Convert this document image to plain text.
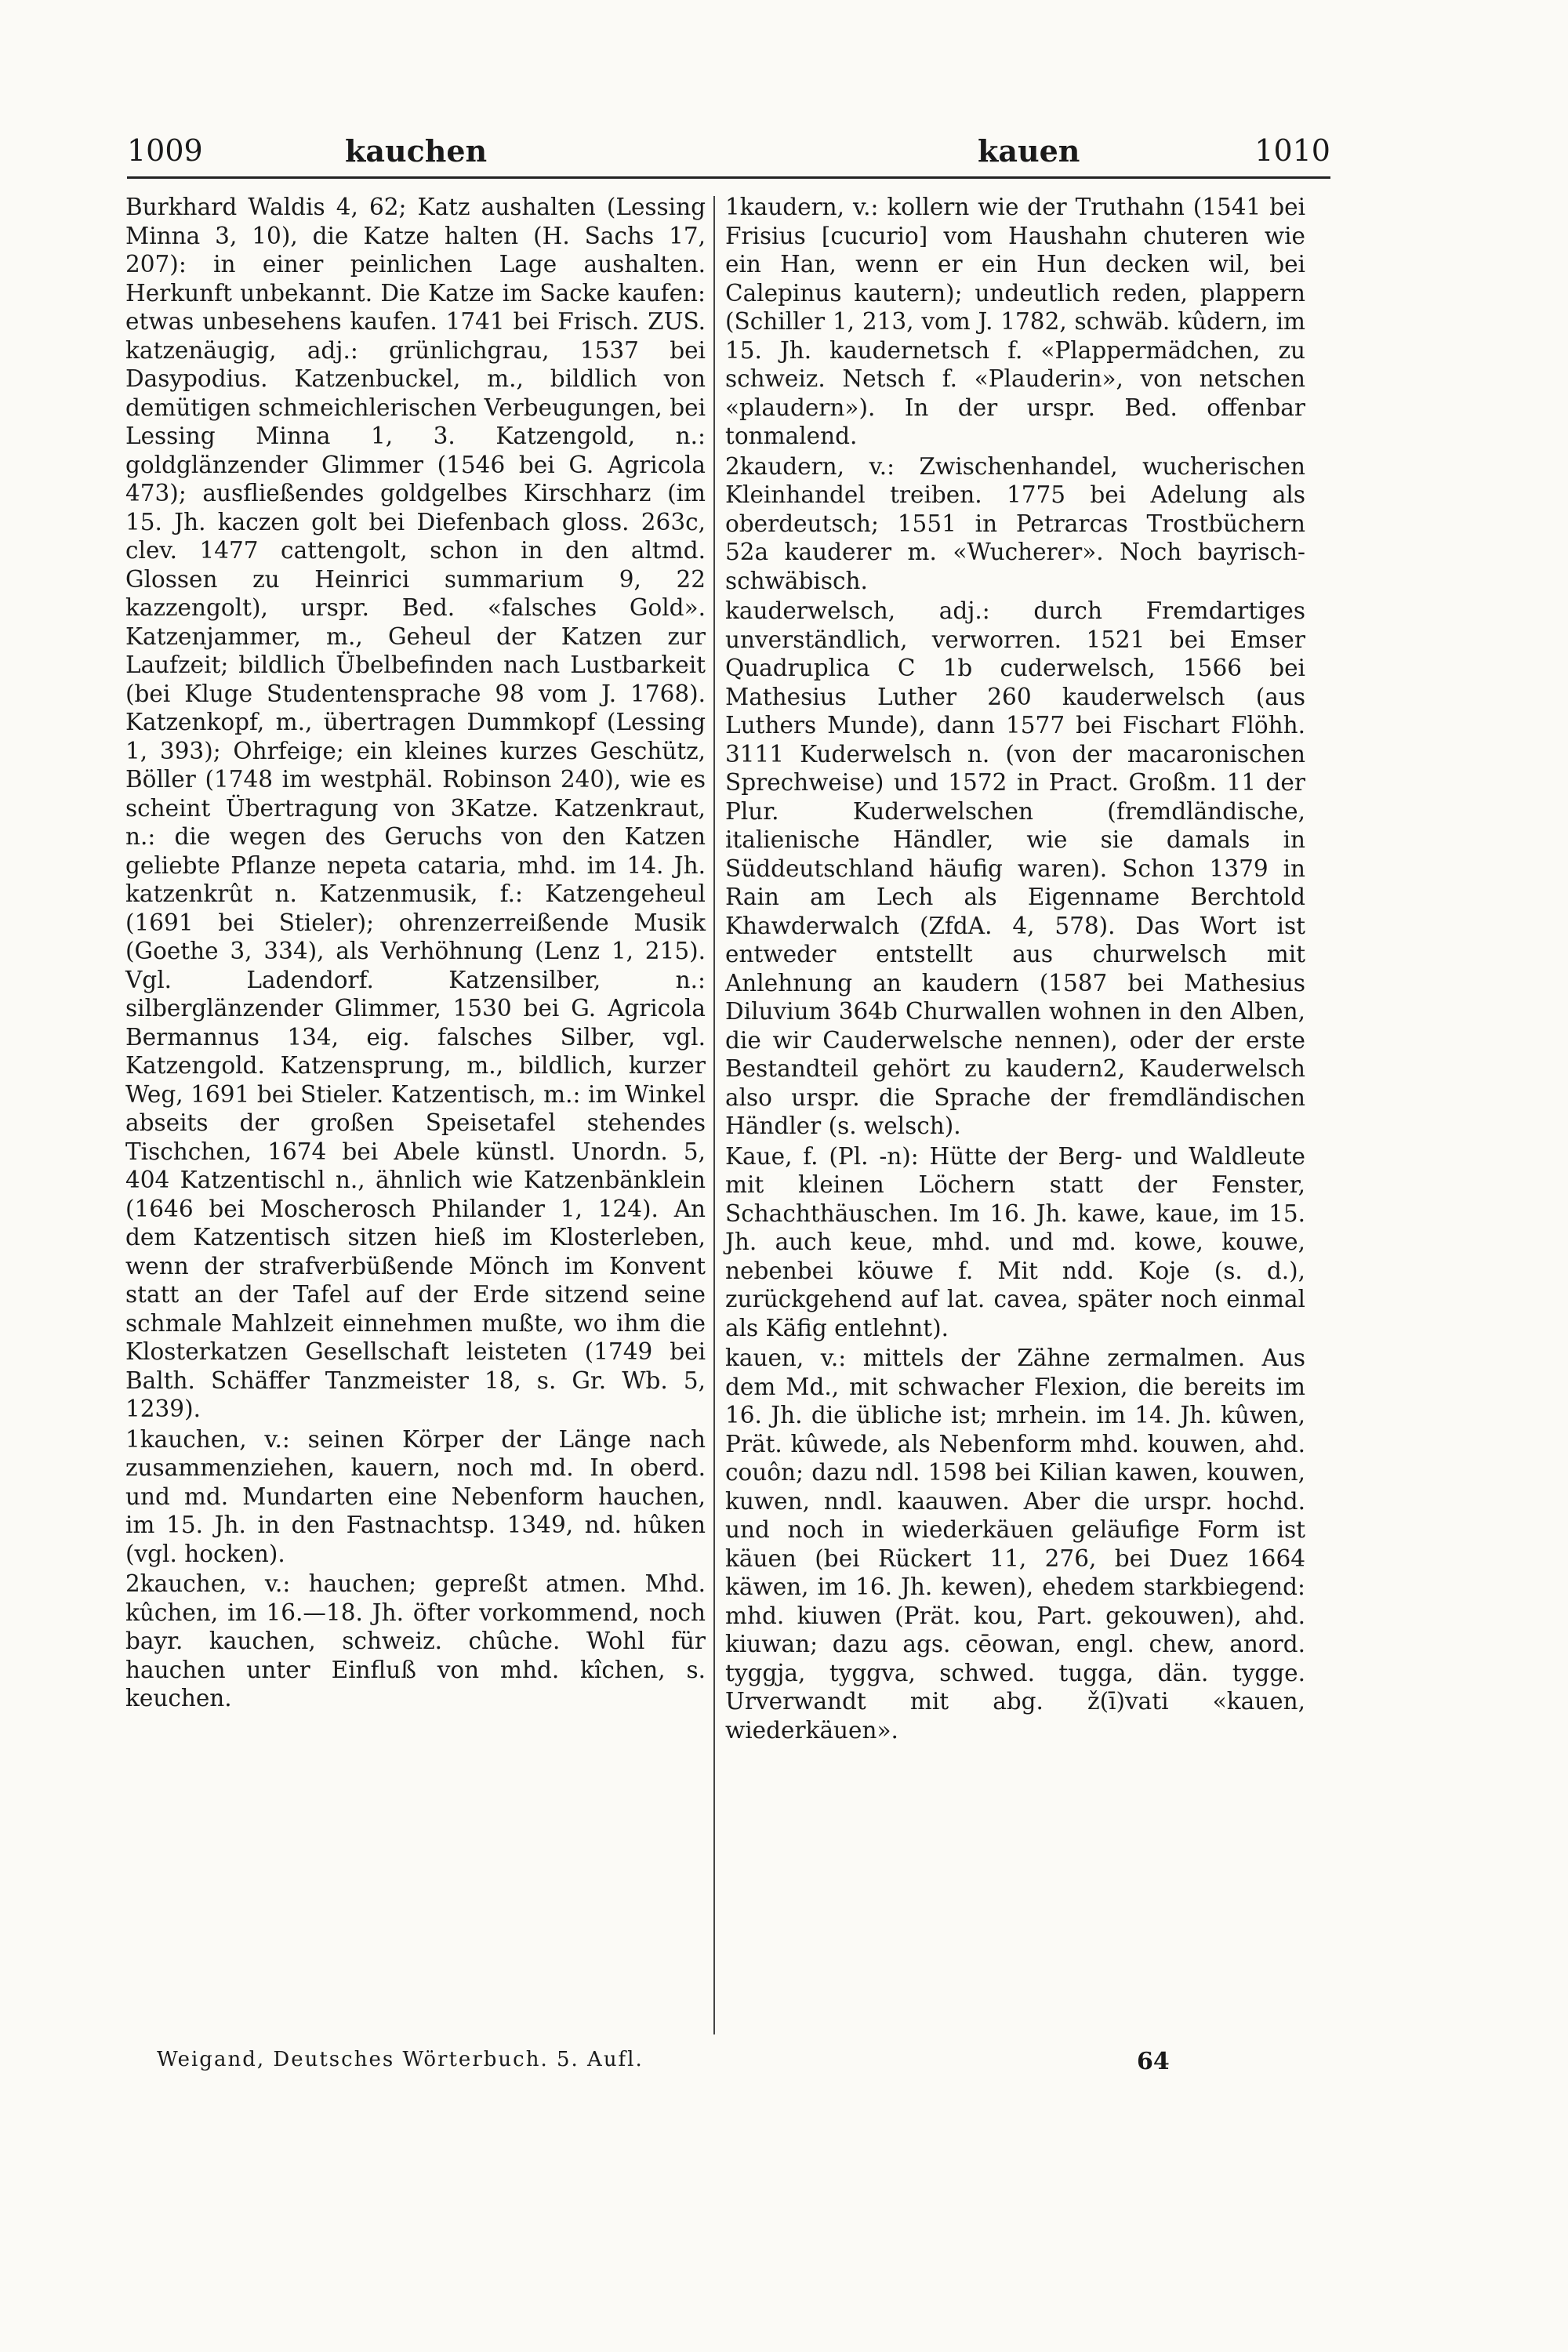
1009	kauchen	kauen	1010

Burkhard Waldis 4, 62; Katz aushalten (Lessing Minna 3, 10), die Katze halten (H. Sachs 17, 207): in einer peinlichen Lage aushalten. Herkunft unbekannt. Die Katze im Sacke kaufen: etwas unbesehens kaufen. 1741 bei Frisch. ZUS. katzenäugig, adj.: grünlichgrau, 1537 bei Dasypodius. Katzenbuckel, m., bildlich von demütigen schmeichlerischen Verbeugungen, bei Lessing Minna 1, 3. Katzengold, n.: goldglänzender Glimmer (1546 bei G. Agricola 473); ausfließendes goldgelbes Kirschharz (im 15. Jh. kaczen golt bei Diefenbach gloss. 263c, clev. 1477 cattengolt, schon in den altmd. Glossen zu Heinrici summarium 9, 22 kazzengolt), urspr. Bed. «falsches Gold». Katzenjammer, m., Geheul der Katzen zur Laufzeit; bildlich Übelbefinden nach Lustbarkeit (bei Kluge Studentensprache 98 vom J. 1768). Katzenkopf, m., übertragen Dummkopf (Lessing 1, 393); Ohrfeige; ein kleines kurzes Geschütz, Böller (1748 im westphäl. Robinson 240), wie es scheint Übertragung von 3Katze. Katzenkraut, n.: die wegen des Geruchs von den Katzen geliebte Pflanze nepeta cataria, mhd. im 14. Jh. katzenkrût n. Katzenmusik, f.: Katzengeheul (1691 bei Stieler); ohrenzerreißende Musik (Goethe 3, 334), als Verhöhnung (Lenz 1, 215). Vgl. Ladendorf. Katzensilber, n.: silberglänzender Glimmer, 1530 bei G. Agricola Bermannus 134, eig. falsches Silber, vgl. Katzengold. Katzensprung, m., bildlich, kurzer Weg, 1691 bei Stieler. Katzentisch, m.: im Winkel abseits der großen Speisetafel stehendes Tischchen, 1674 bei Abele künstl. Unordn. 5, 404 Katzentischl n., ähnlich wie Katzenbänklein (1646 bei Moscherosch Philander 1, 124). An dem Katzentisch sitzen hieß im Klosterleben, wenn der strafverbüßende Mönch im Konvent statt an der Tafel auf der Erde sitzend seine schmale Mahlzeit einnehmen mußte, wo ihm die Klosterkatzen Gesellschaft leisteten (1749 bei Balth. Schäffer Tanzmeister 18, s. Gr. Wb. 5, 1239).

1kauchen, v.: seinen Körper der Länge nach zusammenziehen, kauern, noch md. In oberd. und md. Mundarten eine Nebenform hauchen, im 15. Jh. in den Fastnachtsp. 1349, nd. hûken (vgl. hocken).

2kauchen, v.: hauchen; gepreßt atmen. Mhd. kûchen, im 16.—18. Jh. öfter vorkommend, noch bayr. kauchen, schweiz. chûche. Wohl für hauchen unter Einfluß von mhd. kîchen, s. keuchen.

1kaudern, v.: kollern wie der Truthahn (1541 bei Frisius [cucurio] vom Haushahn chuteren wie ein Han, wenn er ein Hun decken wil, bei Calepinus kautern); undeutlich reden, plappern (Schiller 1, 213, vom J. 1782, schwäb. kûdern, im 15. Jh. kaudernetsch f. «Plappermädchen, zu schweiz. Netsch f. «Plauderin», von netschen «plaudern»). In der urspr. Bed. offenbar tonmalend.

2kaudern, v.: Zwischenhandel, wucherischen Kleinhandel treiben. 1775 bei Adelung als oberdeutsch; 1551 in Petrarcas Trostbüchern 52a kauderer m. «Wucherer». Noch bayrisch-schwäbisch.

kauderwelsch, adj.: durch Fremdartiges unverständlich, verworren. 1521 bei Emser Quadruplica C 1b cuderwelsch, 1566 bei Mathesius Luther 260 kauderwelsch (aus Luthers Munde), dann 1577 bei Fischart Flöhh. 3111 Kuderwelsch n. (von der macaronischen Sprechweise) und 1572 in Pract. Großm. 11 der Plur. Kuderwelschen (fremdländische, italienische Händler, wie sie damals in Süddeutschland häufig waren). Schon 1379 in Rain am Lech als Eigenname Berchtold Khawderwalch (ZfdA. 4, 578). Das Wort ist entweder entstellt aus churwelsch mit Anlehnung an kaudern (1587 bei Mathesius Diluvium 364b Churwallen wohnen in den Alben, die wir Cauderwelsche nennen), oder der erste Bestandteil gehört zu kaudern2, Kauderwelsch also urspr. die Sprache der fremdländischen Händler (s. welsch).

Kaue, f. (Pl. -n): Hütte der Berg- und Waldleute mit kleinen Löchern statt der Fenster, Schachthäuschen. Im 16. Jh. kawe, kaue, im 15. Jh. auch keue, mhd. und md. kowe, kouwe, nebenbei köuwe f. Mit ndd. Koje (s. d.), zurückgehend auf lat. cavea, später noch einmal als Käfig entlehnt).

kauen, v.: mittels der Zähne zermalmen. Aus dem Md., mit schwacher Flexion, die bereits im 16. Jh. die übliche ist; mrhein. im 14. Jh. kûwen, Prät. kûwede, als Nebenform mhd. kouwen, ahd. couôn; dazu ndl. 1598 bei Kilian kawen, kouwen, kuwen, nndl. kaauwen. Aber die urspr. hochd. und noch in wiederkäuen geläufige Form ist käuen (bei Rückert 11, 276, bei Duez 1664 käwen, im 16. Jh. kewen), ehedem starkbiegend: mhd. kiuwen (Prät. kou, Part. gekouwen), ahd. kiuwan; dazu ags. cēowan, engl. chew, anord. tyggja, tyggva, schwed. tugga, dän. tygge. Urverwandt mit abg. ž(ī)vati «kauen, wiederkäuen».

Weigand, Deutsches Wörterbuch. 5. Aufl.	64
